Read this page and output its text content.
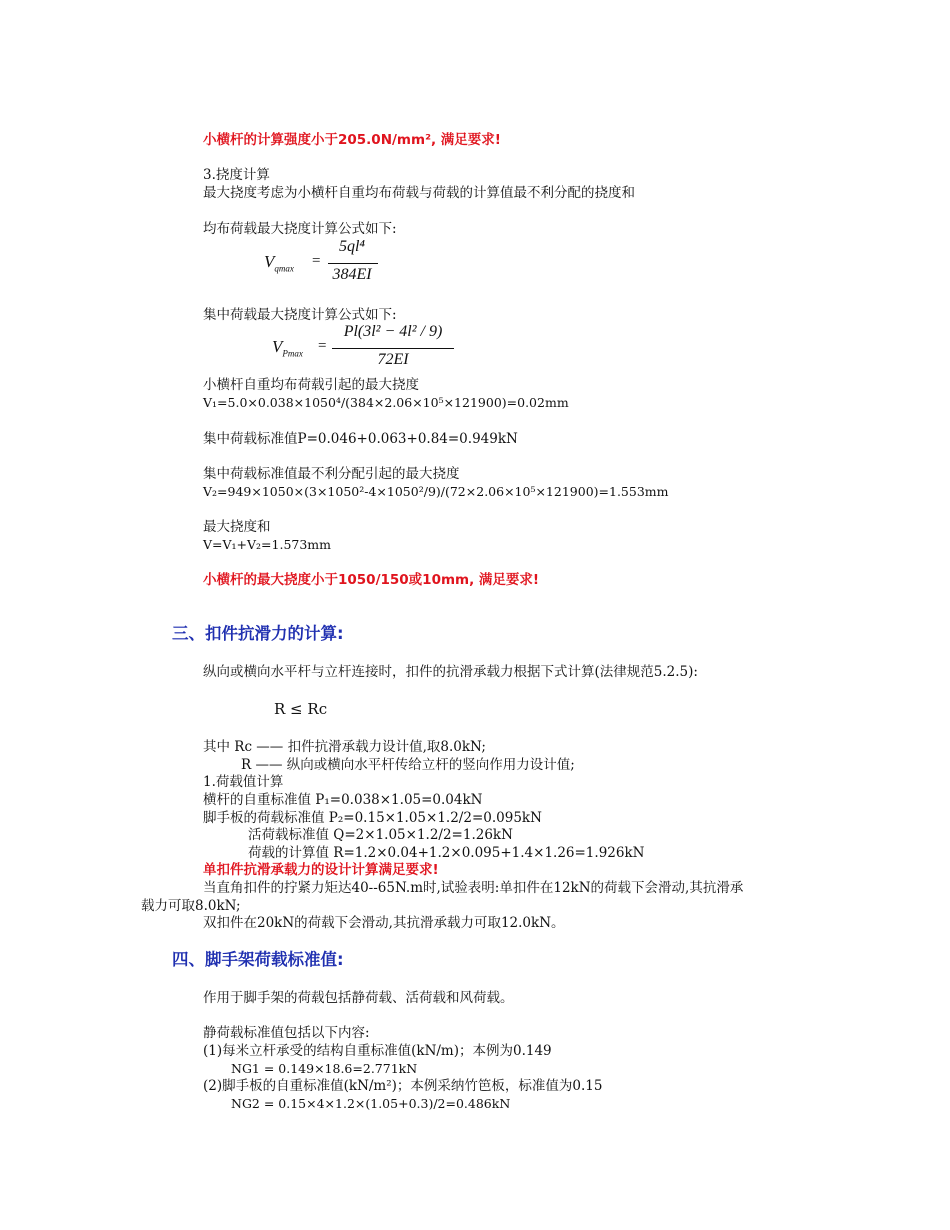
小横杆的计算强度小于205.0N/mm², 满足要求!
3.挠度计算
最大挠度考虑为小横杆自重均布荷载与荷载的计算值最不利分配的挠度和
均布荷载最大挠度计算公式如下:
$V_{qmax}$ =
5ql⁴
384EI
集中荷载最大挠度计算公式如下:
$V_{Pmax}$ =
Pl(3l² − 4l² / 9)
72EI
小横杆自重均布荷载引起的最大挠度
V₁=5.0×0.038×1050⁴/(384×2.06×10⁵×121900)=0.02mm
集中荷载标准值P=0.046+0.063+0.84=0.949kN
集中荷载标准值最不利分配引起的最大挠度
V₂=949×1050×(3×1050²-4×1050²/9)/(72×2.06×10⁵×121900)=1.553mm
最大挠度和
V=V₁+V₂=1.573mm
小横杆的最大挠度小于1050/150或10mm, 满足要求!
三、扣件抗滑力的计算:
纵向或横向水平杆与立杆连接时，扣件的抗滑承载力根据下式计算(法律规范5.2.5):
R ≤ Rc
其中 Rc —— 扣件抗滑承载力设计值,取8.0kN;
R —— 纵向或横向水平杆传给立杆的竖向作用力设计值;
1.荷载值计算
横杆的自重标准值 P₁=0.038×1.05=0.04kN
脚手板的荷载标准值 P₂=0.15×1.05×1.2/2=0.095kN
活荷载标准值 Q=2×1.05×1.2/2=1.26kN
荷载的计算值 R=1.2×0.04+1.2×0.095+1.4×1.26=1.926kN
单扣件抗滑承载力的设计计算满足要求!
当直角扣件的拧紧力矩达40--65N.m时,试验表明:单扣件在12kN的荷载下会滑动,其抗滑承
载力可取8.0kN;
双扣件在20kN的荷载下会滑动,其抗滑承载力可取12.0kN。
四、脚手架荷载标准值:
作用于脚手架的荷载包括静荷载、活荷载和风荷载。
静荷载标准值包括以下内容:
(1)每米立杆承受的结构自重标准值(kN/m)；本例为0.149
NG1 = 0.149×18.6=2.771kN
(2)脚手板的自重标准值(kN/m²)；本例采纳竹笆板，标准值为0.15
NG2 = 0.15×4×1.2×(1.05+0.3)/2=0.486kN
